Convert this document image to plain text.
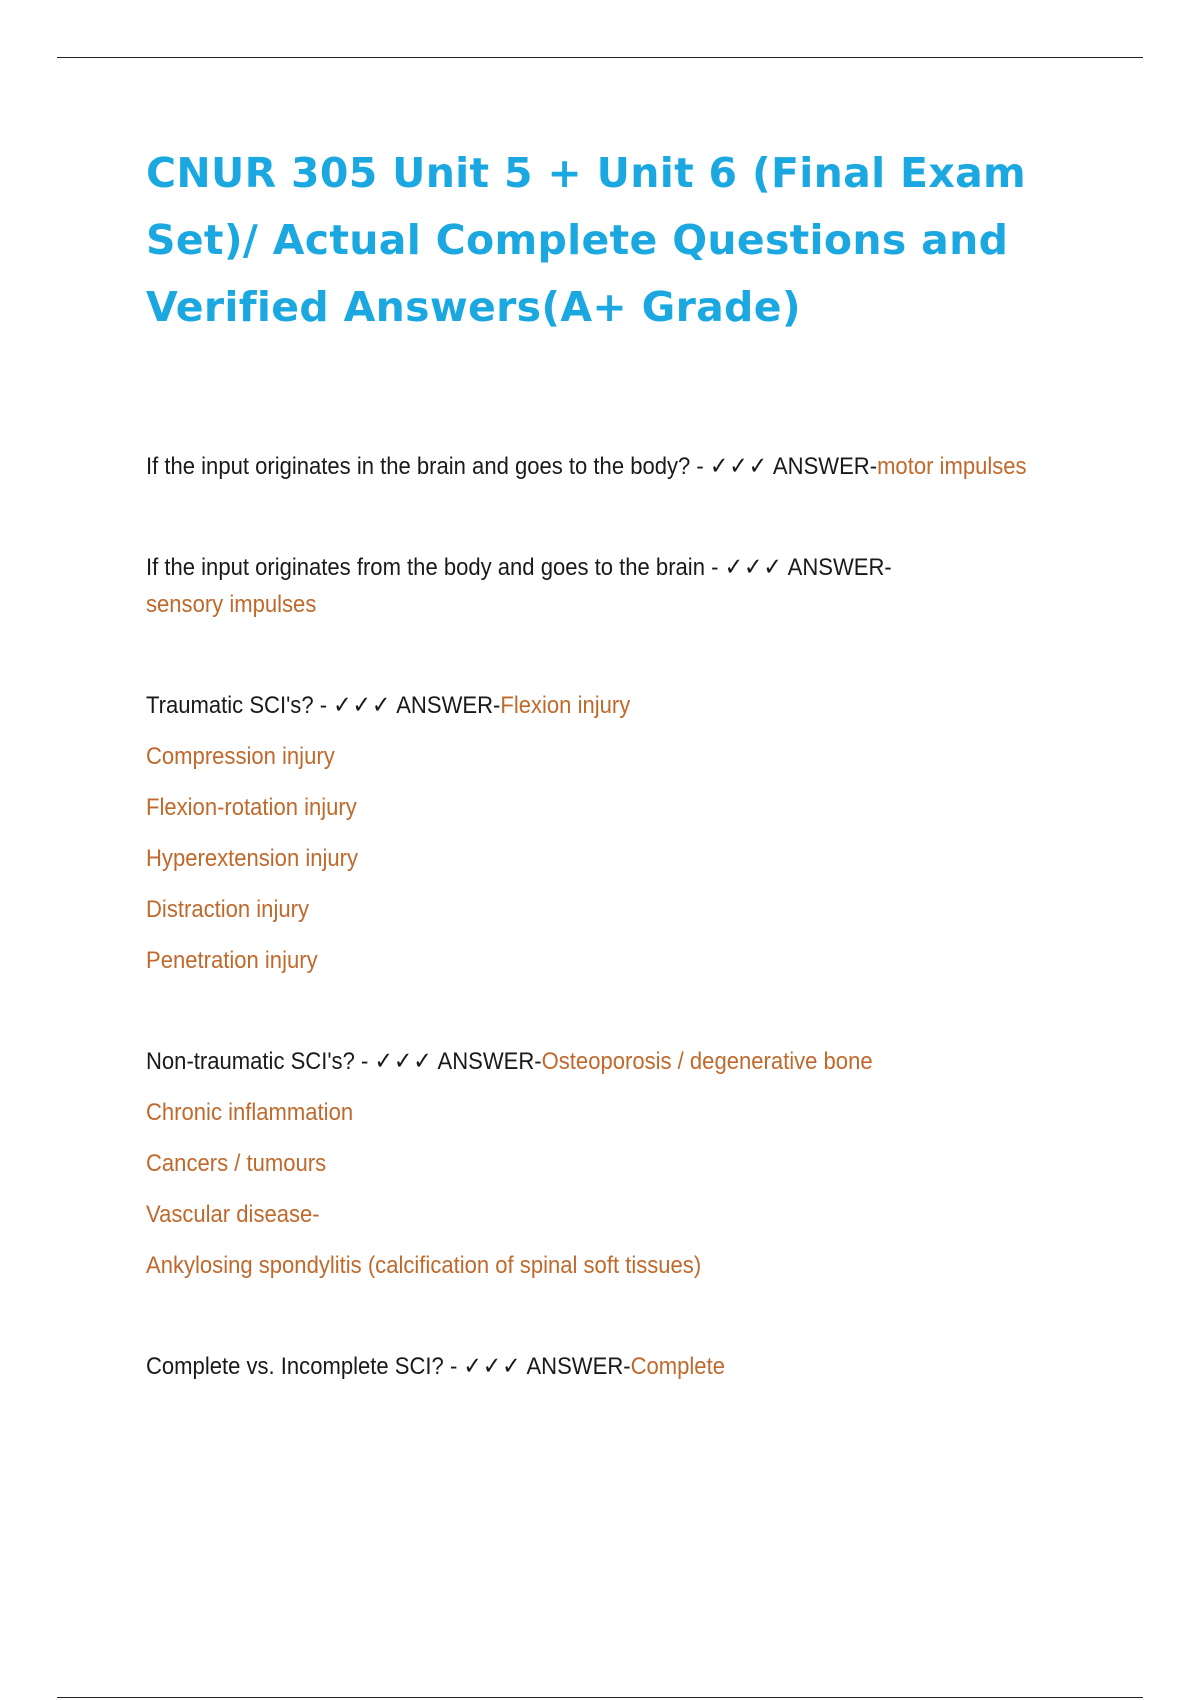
CNUR 305 Unit 5 + Unit 6 (Final Exam Set)/ Actual Complete Questions and Verified Answers(A+ Grade)
If the input originates in the brain and goes to the body? - ✓✓✓ ANSWER-motor impulses
If the input originates from the body and goes to the brain - ✓✓✓ ANSWER-sensory impulses
Traumatic SCI's? - ✓✓✓ ANSWER-Flexion injury
Compression injury
Flexion-rotation injury
Hyperextension injury
Distraction injury
Penetration injury
Non-traumatic SCI's? - ✓✓✓ ANSWER-Osteoporosis / degenerative bone
Chronic inflammation
Cancers / tumours
Vascular disease-
Ankylosing spondylitis (calcification of spinal soft tissues)
Complete vs. Incomplete SCI? - ✓✓✓ ANSWER-Complete
